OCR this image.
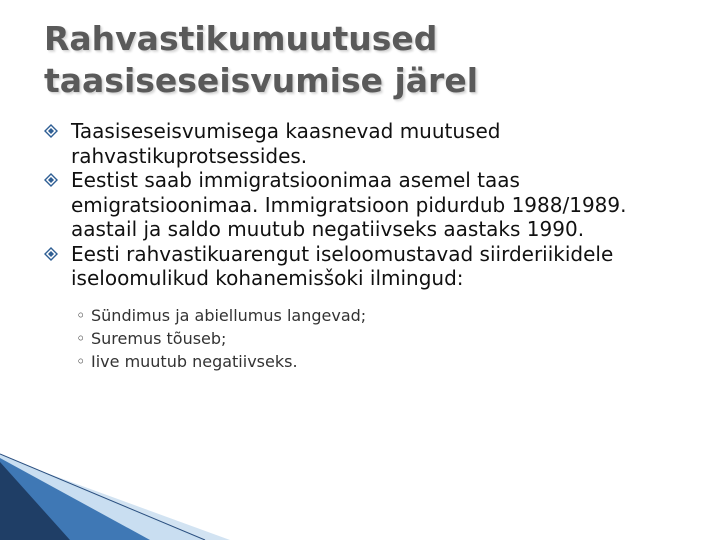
Rahvastikumuutused
taasiseseisvumise järel
Taasiseseisvumisega kaasnevad muutused rahvastikuprotsessides.
Eestist saab immigratsioonimaa asemel taas emigratsioonimaa. Immigratsioon pidurdub 1988/1989. aastail ja saldo muutub negatiivseks aastaks 1990.
Eesti rahvastikuarengut iseloomustavad siirderiikidele iseloomulikud kohanemisšoki ilmingud:
◦ Sündimus ja abiellumus langevad;
◦ Suremus tõuseb;
◦ Iive muutub negatiivseks.
